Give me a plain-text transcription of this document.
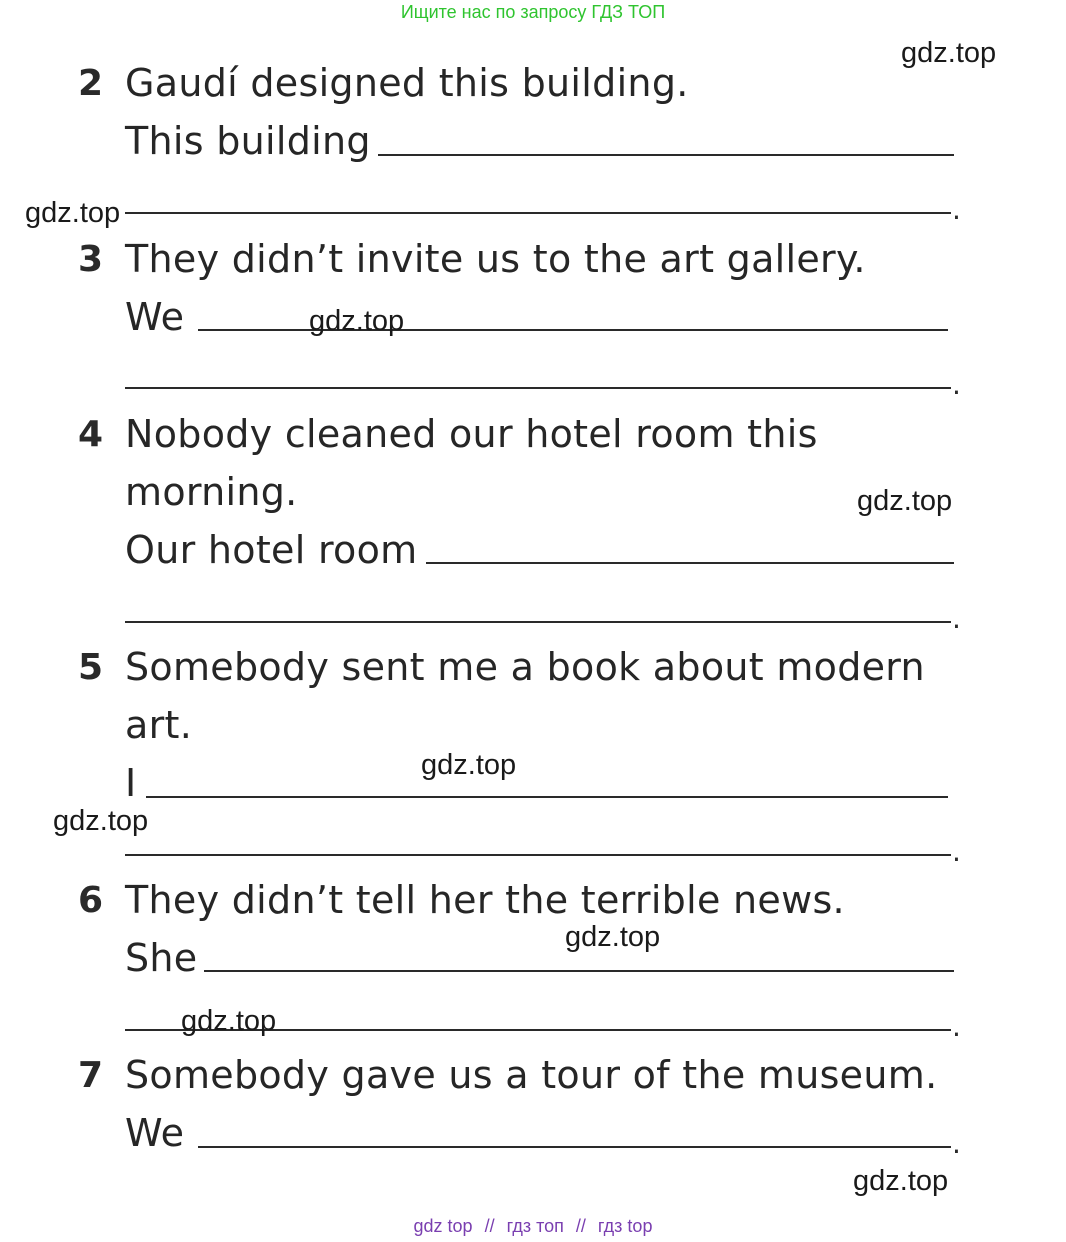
Ищите нас по запросу ГДЗ ТОП
2 Gaudí designed this building.
This building
.
3 They didn’t invite us to the art gallery.
We
.
4 Nobody cleaned our hotel room this
morning.
Our hotel room
.
5 Somebody sent me a book about modern
art.
I
.
6 They didn’t tell her the terrible news.
She
.
7 Somebody gave us a tour of the museum.
We	.
gdz.top
gdz.top
gdz.top
gdz.top
gdz.top
gdz.top
gdz.top
gdz.top
gdz.top
gdz top // гдз топ // гдз top
